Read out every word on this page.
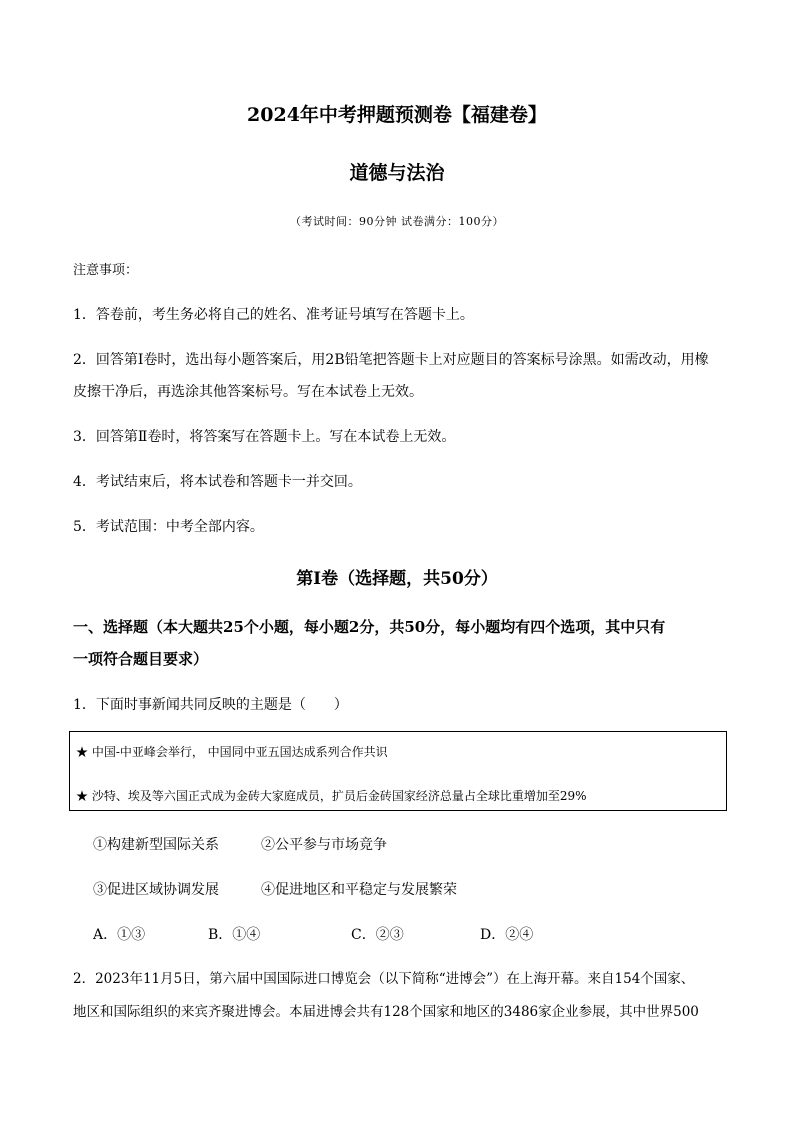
2024年中考押题预测卷【福建卷】
道德与法治
（考试时间：90分钟 试卷满分：100分）
注意事项：
1．答卷前，考生务必将自己的姓名、准考证号填写在答题卡上。
2．回答第Ⅰ卷时，选出每小题答案后，用2B铅笔把答题卡上对应题目的答案标号涂黑。如需改动，用橡
皮擦干净后，再选涂其他答案标号。写在本试卷上无效。
3．回答第Ⅱ卷时，将答案写在答题卡上。写在本试卷上无效。
4．考试结束后，将本试卷和答题卡一并交回。
5．考试范围：中考全部内容。
第Ⅰ卷（选择题，共50分）
一、选择题（本大题共25个小题，每小题2分，共50分，每小题均有四个选项，其中只有
一项符合题目要求）
1．下面时事新闻共同反映的主题是（　　）
★ 中国-中亚峰会举行， 中国同中亚五国达成系列合作共识
★ 沙特、埃及等六国正式成为金砖大家庭成员，扩员后金砖国家经济总量占全球比重增加至29%
①构建新型国际关系	②公平参与市场竞争
③促进区域协调发展	④促进地区和平稳定与发展繁荣
A．①③	B．①④	C．②③	D．②④
2．2023年11月5日，第六届中国国际进口博览会（以下简称“进博会”）在上海开幕。来自154个国家、
地区和国际组织的来宾齐聚进博会。本届进博会共有128个国家和地区的3486家企业参展，其中世界500
